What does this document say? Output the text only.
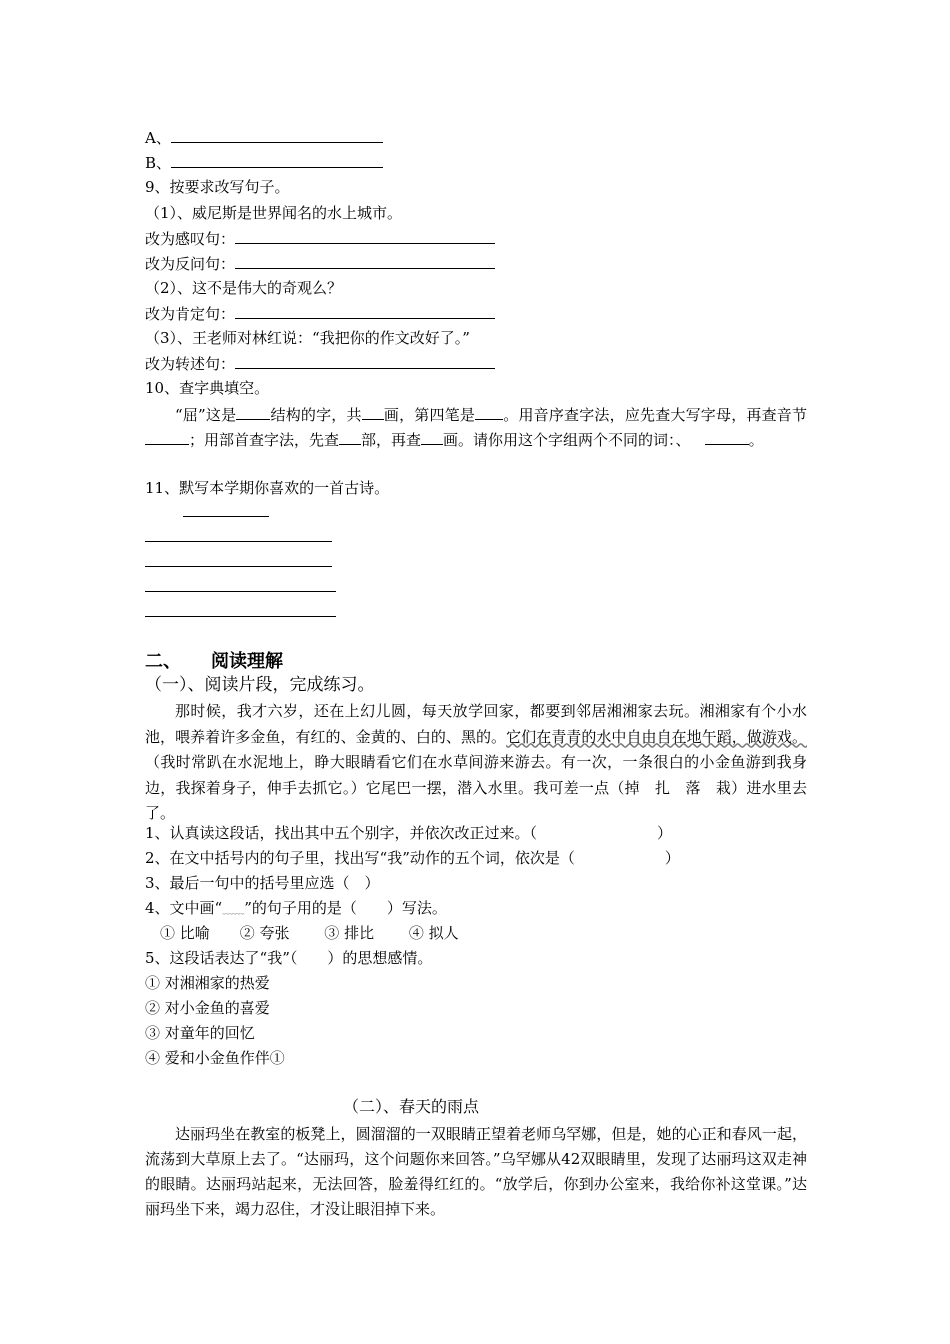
A、
B、
9、按要求改写句子。
（1）、威尼斯是世界闻名的水上城市。
改为感叹句：
改为反问句：
（2）、这不是伟大的奇观么？
改为肯定句：
（3）、王老师对林红说：“我把你的作文改好了。”
改为转述句：
10、查字典填空。
“屈”这是 结构的字，共 画，第四笔是 。用音序查字法，应先查大写字母，再查音节；用部首查字法，先查 部，再查 画。请你用这个字组两个不同的词：、	。
11、默写本学期你喜欢的一首古诗。
二、 阅读理解
（一）、阅读片段，完成练习。
那时候，我才六岁，还在上幻儿圆，每天放学回家，都要到邻居湘湘家去玩。湘湘家有个小水池，喂养着许多金鱼，有红的、金黄的、白的、黑的。它们在青青的水中自由自在地午蹈，做游戏。（我时常趴在水泥地上，睁大眼睛看它们在水草间游来游去。有一次，一条很白的小金鱼游到我身边，我探着身子，伸手去抓它。）它尾巴一摆，潜入水里。我可差一点（掉　扎　落　栽）进水里去了。
1、认真读这段话，找出其中五个别字，并依次改正过来。（　　　　　　　　）
2、在文中括号内的句子里，找出写“我”动作的五个词，依次是（　　　　　　）
3、最后一句中的括号里应选（　）
4、文中画“﹏﹏”的句子用的是（　　）写法。
① 比喻　　② 夸张　　 ③ 排比　　 ④ 拟人
5、这段话表达了“我”（　　）的思想感情。
① 对湘湘家的热爱
② 对小金鱼的喜爱
③ 对童年的回忆
④ 爱和小金鱼作伴①
（二）、春天的雨点
达丽玛坐在教室的板凳上，圆溜溜的一双眼睛正望着老师乌罕娜，但是，她的心正和春风一起，流荡到大草原上去了。“达丽玛，这个问题你来回答。”乌罕娜从42双眼睛里，发现了达丽玛这双走神的眼睛。达丽玛站起来，无法回答，脸羞得红红的。“放学后，你到办公室来，我给你补这堂课。”达丽玛坐下来，竭力忍住，才没让眼泪掉下来。
